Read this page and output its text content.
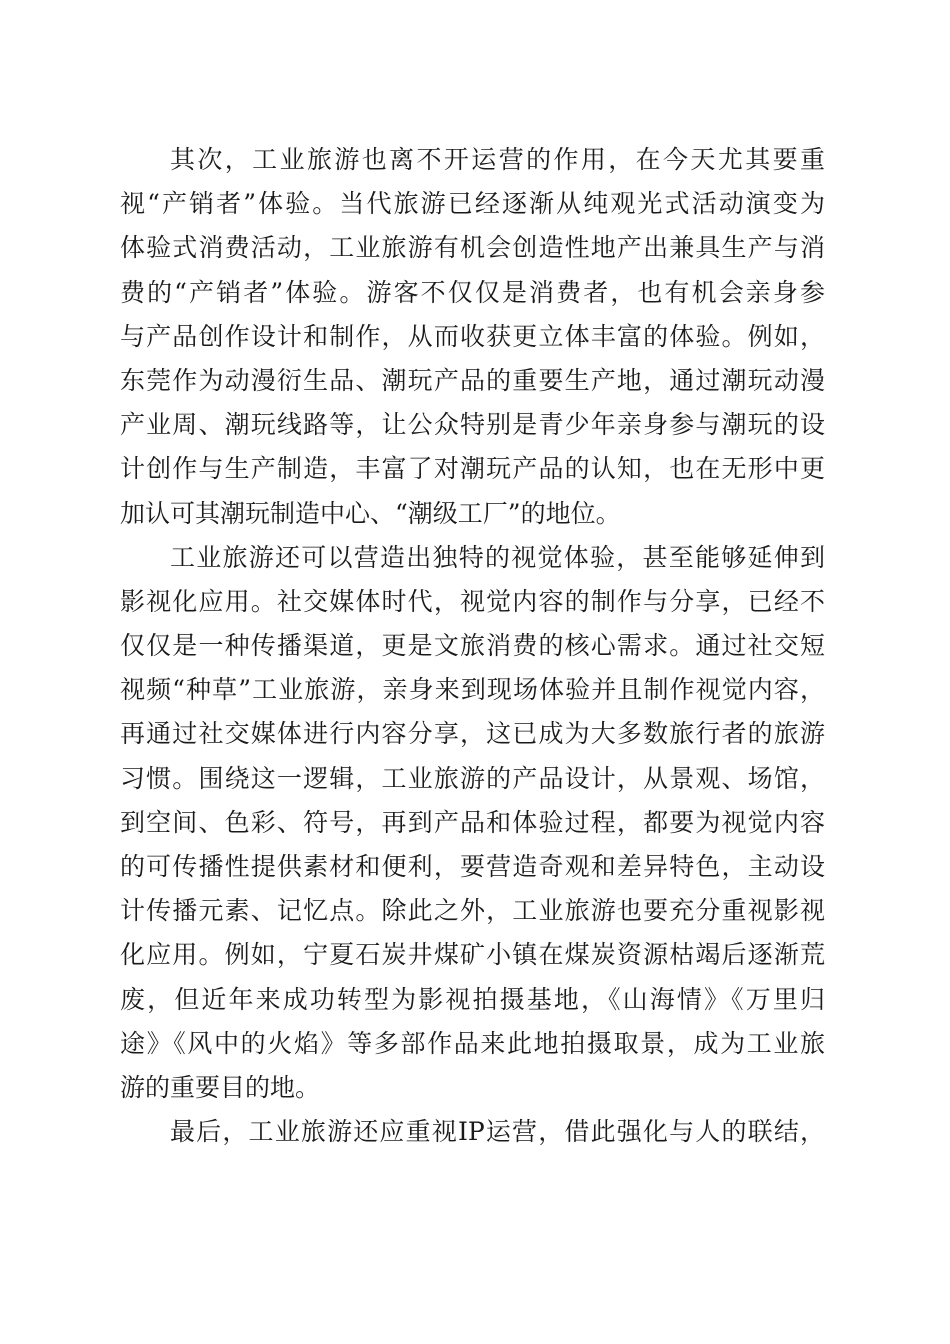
其次，工业旅游也离不开运营的作用，在今天尤其要重
视“产销者”体验。当代旅游已经逐渐从纯观光式活动演变为
体验式消费活动，工业旅游有机会创造性地产出兼具生产与消
费的“产销者”体验。游客不仅仅是消费者，也有机会亲身参
与产品创作设计和制作，从而收获更立体丰富的体验。例如，
东莞作为动漫衍生品、潮玩产品的重要生产地，通过潮玩动漫
产业周、潮玩线路等，让公众特别是青少年亲身参与潮玩的设
计创作与生产制造，丰富了对潮玩产品的认知，也在无形中更
加认可其潮玩制造中心、“潮级工厂”的地位。
工业旅游还可以营造出独特的视觉体验，甚至能够延伸到
影视化应用。社交媒体时代，视觉内容的制作与分享，已经不
仅仅是一种传播渠道，更是文旅消费的核心需求。通过社交短
视频“种草”工业旅游，亲身来到现场体验并且制作视觉内容，
再通过社交媒体进行内容分享，这已成为大多数旅行者的旅游
习惯。围绕这一逻辑，工业旅游的产品设计，从景观、场馆，
到空间、色彩、符号，再到产品和体验过程，都要为视觉内容
的可传播性提供素材和便利，要营造奇观和差异特色，主动设
计传播元素、记忆点。除此之外，工业旅游也要充分重视影视
化应用。例如，宁夏石炭井煤矿小镇在煤炭资源枯竭后逐渐荒
废，但近年来成功转型为影视拍摄基地，《山海情》《万里归
途》《风中的火焰》等多部作品来此地拍摄取景，成为工业旅
游的重要目的地。
最后，工业旅游还应重视IP运营，借此强化与人的联结，
